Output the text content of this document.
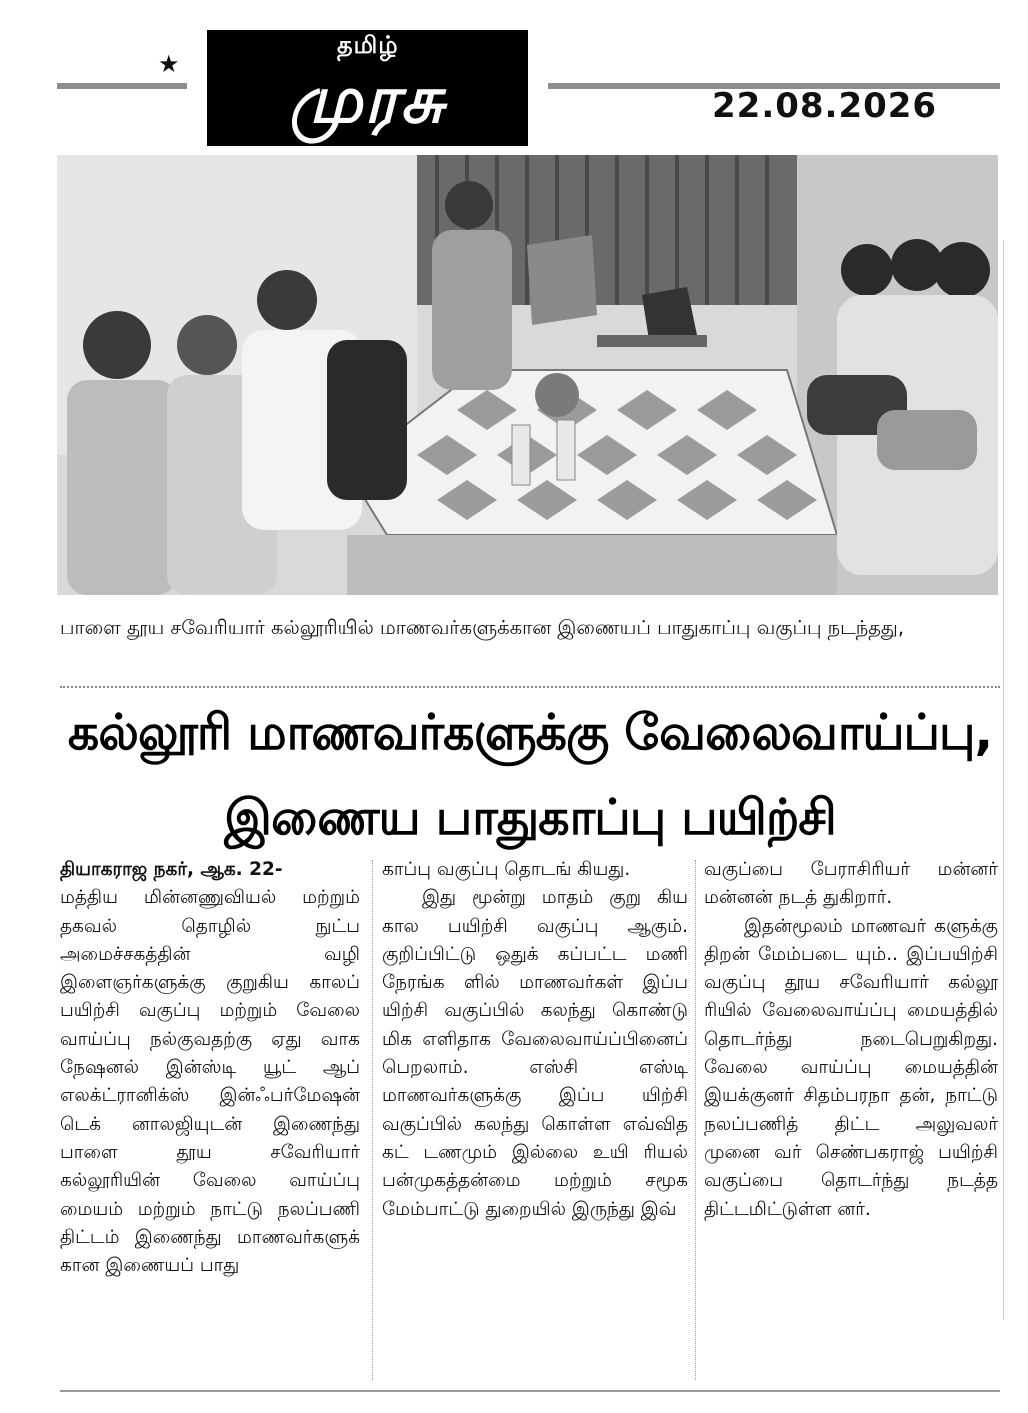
★
தமிழ்
முரசு	22.08.2026
பாளை தூய சவேரியார் கல்லூரியில் மாணவர்களுக்கான இணையப் பாதுகாப்பு வகுப்பு நடந்தது,
கல்லூரி மாணவர்களுக்கு வேலைவாய்ப்பு,
இணைய பாதுகாப்பு பயிற்சி

தியாகராஜ நகர், ஆக. 22-

மத்திய மின்னணுவியல் மற்றும் தகவல் தொழில் நுட்ப அமைச்சகத்தின் வழி இளைஞர்களுக்கு குறுகிய காலப் பயிற்சி வகுப்பு மற்றும் வேலை வாய்ப்பு நல்குவதற்கு ஏது வாக நேஷனல் இன்ஸ்டி யூட் ஆப் எலக்ட்ரானிக்ஸ் இன்ஃபர்மேஷன் டெக் னாலஜியுடன் இணைந்து பாளை தூய சவேரியார் கல்லூரியின் வேலை வாய்ப்பு மையம் மற்றும் நாட்டு நலப்பணி திட்டம் இணைந்து மாணவர்களுக் கான இணையப் பாது

காப்பு வகுப்பு தொடங் கியது.

இது மூன்று மாதம் குறு கிய கால பயிற்சி வகுப்பு ஆகும். குறிப்பிட்டு ஒதுக் கப்பட்ட மணி நேரங்க ளில் மாணவர்கள் இப்ப யிற்சி வகுப்பில் கலந்து கொண்டு மிக எளிதாக வேலைவாய்ப்பினைப் பெறலாம். எஸ்சி எஸ்டி மாணவர்களுக்கு இப்ப யிற்சி வகுப்பில் கலந்து கொள்ள எவ்வித கட் டணமும் இல்லை உயி ரியல் பன்முகத்தன்மை மற்றும் சமூக மேம்பாட்டு துறையில் இருந்து இவ்

வகுப்பை பேராசிரியர் மன்னர் மன்னன் நடத் துகிறார்.

இதன்மூலம் மாணவர் களுக்கு திறன் மேம்படை யும்.. இப்பயிற்சி வகுப்பு தூய சவேரியார் கல்லூ ரியில் வேலைவாய்ப்பு மையத்தில் தொடர்ந்து நடைபெறுகிறது. வேலை வாய்ப்பு மையத்தின் இயக்குனர் சிதம்பரநா தன், நாட்டு நலப்பணித் திட்ட அலுவலர் முனை வர் செண்பகராஜ் பயிற்சி வகுப்பை தொடர்ந்து நடத்த திட்டமிட்டுள்ள னர்.
